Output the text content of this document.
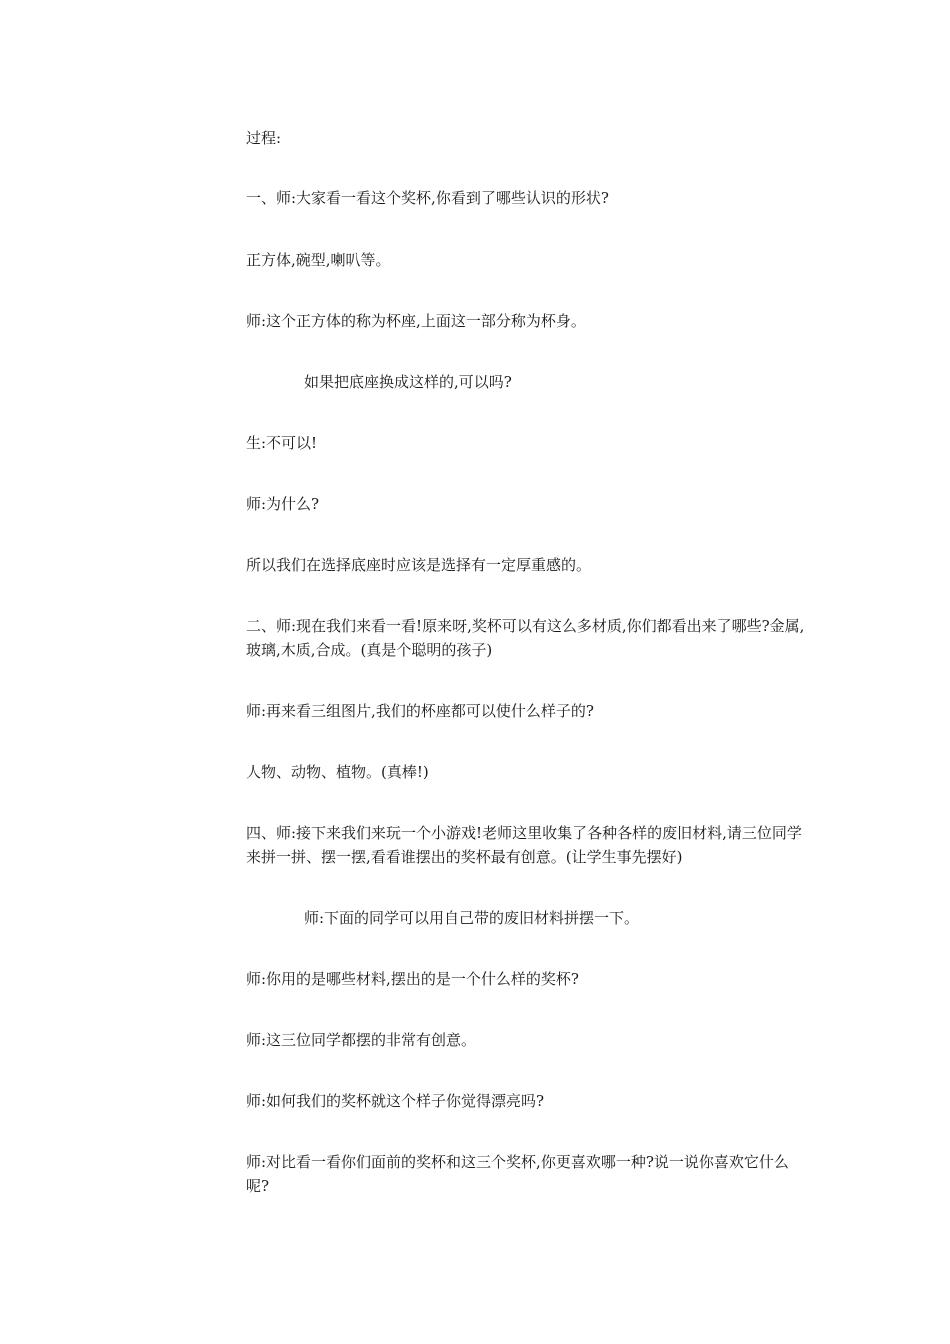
过程:

一、师:大家看一看这个奖杯,你看到了哪些认识的形状?

正方体,碗型,喇叭等。

师:这个正方体的称为杯座,上面这一部分称为杯身。

如果把底座换成这样的,可以吗?

生:不可以!

师:为什么?

所以我们在选择底座时应该是选择有一定厚重感的。

二、师:现在我们来看一看!原来呀,奖杯可以有这么多材质,你们都看出来了哪些?金属,玻璃,木质,合成。(真是个聪明的孩子)

师:再来看三组图片,我们的杯座都可以使什么样子的?

人物、动物、植物。(真棒!)

四、师:接下来我们来玩一个小游戏!老师这里收集了各种各样的废旧材料,请三位同学来拼一拼、摆一摆,看看谁摆出的奖杯最有创意。(让学生事先摆好)

师:下面的同学可以用自己带的废旧材料拼摆一下。

师:你用的是哪些材料,摆出的是一个什么样的奖杯?

师:这三位同学都摆的非常有创意。

师:如何我们的奖杯就这个样子你觉得漂亮吗?

师:对比看一看你们面前的奖杯和这三个奖杯,你更喜欢哪一种?说一说你喜欢它什么呢?
